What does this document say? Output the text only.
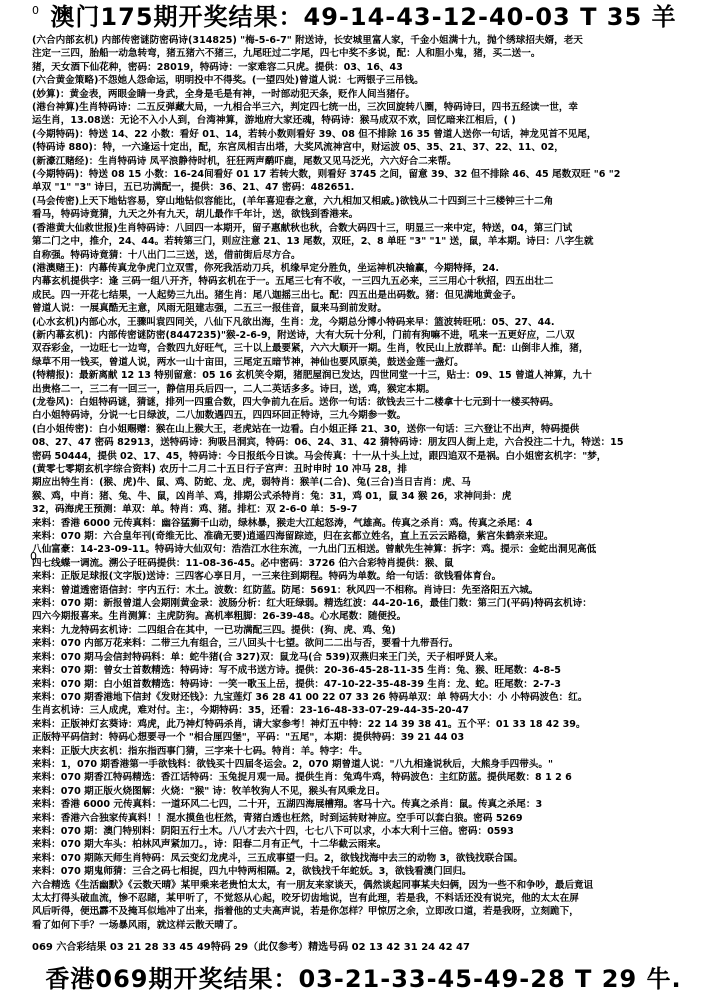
0 澳门175期开奖结果：49-14-43-12-40-03 T 35 羊
(六合内部玄机) 内部传密谜防密码诗(314825) "梅-5-6-7" 附送诗，长安城里富人家，千金小姐满十九，抛个绣球招夫婿，老天
注定一三四，胎船一动急转弯，猪五猪六不猪三，九尾旺过二字尾，四七中奖不多说，配：人和胆小鬼，猪，买二送一。
猪，天女酒下仙花种，密码：28019，特码诗：一家难容二只虎。提供：03、16、43
(六合黄金策略)不怨她人怨命运，明明投中不得奖。(一望四处)曾道人说：七两银子三吊钱。
(妙算)：黄金表，两眼金睛一身武，全身是毛是有神，一时部动犯天条，贬作人间当猪仔。
(港台神算)生肖特码诗：二五反弹藏大局，一九相合半三六，判定四七统一出，三次回旋转八圈，特码诗曰，四书五经读一世，幸
运生肖，13.08送：无论不入小人到，台湾神算，游地府大家还魂，特码诗：猴马成双不欢，回忆暗来江相后，( )
(今期特码)：特送 14、22 小数：看好 01、14，若转小数则看好 39、08 但不排除 16 35 曾道人送你一句话，神龙见首不见尾，
(特码诗 880)：特，一六逢运十定出，配，东宫凤相吉出塔，大奖风流神宫中，财运波 05、35、21、37、22、11、02，
(新濠江赌经)：生肖特码诗 凤平浪静待时机，狂狂两声鹬吓鹿，尾数又见马泛光，六六好合二来帮。
(今期特码)：特送 08 15 小数：16-24间看好 01 17 若转大数，则看好 3745 之间，留意 39、32 但不排除 46、45 尾数双旺 "6 "2
单双 "1" "3" 诗曰，五已功满配一，提供：36、21、47 密码：482651.
(马会传密)上天下地钻容易，穿山地钻似容能比，(羊年喜迎春之意，六九相加又相戚。)欲钱从二十四到三十三楼钟三十二角
看马，特码诗竟猜，九天之外有九天，胡儿最作千年计，送，欲钱到香港来。
(香港黄大仙救世报)生肖特码诗：八回四一本期开，留子惠献秋也秋，合数大码四十三，明显三一来中定，特送，04，第三门试
第二门之中，推介，24、44。若转第三门，则应注意 21、13 尾数，双旺，2、8 单旺 "3" "1" 送，鼠，羊本期。诗曰：八字生就
自称强。特码诗竟猜：十八出门二三送，送，借前街后尽方合。
(港澳赌王)：内幕传真龙争虎门立双雪，你死我活动刀兵，机缘早定分胜负，坐运神机决输赢，今期特择，24.
内幕玄机提供字：逢 三码一组八开齐，特码玄机在于一。五尾三七有不收，一三四九五必来，三三用心十秋招，四五出壮二
成民。四一开花七结果，一人起势三九出。猪生肖：尾八迦摇三出七。配：四五出是出码数。猪：但见满地黄金子。
曾道人说：一展真酷无主意，风雨无阻建志强，二五三一报佳音，鼠来马到前发财。
(心水玄机)内部心水，王骤叫袁四同关，八仙下凡欲出海，生肖：龙，今期总分博小特码来早：篮波转旺吼：05、27、44.
(新内幕玄机)：内部传密谜防密(8447235)"猴-2-6-9，附送诗，大有大玩十分利，门前有狗嘛不进，吼来一五更好应，二八双
双吞彩金，一边旺七一边弯，合数四九好旺气，三十以上最要紧，六六大顺开一期。生肖，牧民山上放群羊。配：山倒非人推，猪，
绿草不用一钱买，曾道人说，两水一山十亩田，三尾定五暗节神，神仙也要风原美，鼓送金莲一盏灯。
(特精报)：最新离献 12 13 特别留意：05 16 玄机笑令期，猪肥屋润已发达，四世同堂一十三，贴士：09、15 曾道人神算，九十
出贵格二一，三二有一回三一，静信用兵后四一，二人二英话多多。诗曰，送，鸡，猴定本期。
(龙卷风)：白姐特码谜，猜谜，排列一四重合数，四大争前九在后。送你一句话：欲钱去三十二楼拿十七元到十一楼买特码。
白小姐特码诗，分说一七日绿波，二八加数遇四五，四四环回正特诗，三九今期参一数。
(白小姐传密)：白小姐赐赠：猴在山上猴大王，老虎站在一边看。白小姐正择 21、30，送你一句话：三六登让不出声，特码提供
08、27、47 密码 82913，送特码诗：狗吸吕洞宾，特码：06、24、31、42 猜特码诗：朋友四人街上走，六合投注二十九，特送：15
密码 50444，提供 02、17、45，特码诗：今日报纸今日读。马会传真：十一从十头上过，跟四追双不是祸。白小姐密玄机字："梦，
(黄零七零期玄机字综合资料) 农历十二月二十五日行子宫声：丑时申时 10 冲马 28，排
期应出特生肖：(猴、虎)牛、鼠、鸡、防蛇、龙、虎，弱特肖：猴羊(二合)、兔(三合)当日吉肖：虎、马
猴、鸡，中肖：猪、兔、牛、鼠，凶肖羊、鸡，排期公式杀特肖：兔：31，鸡 01，鼠 34 猴 26，求神问卦：虎
32，码海虎王预测：单双：单。特肖：鸡、猪。排杠：双 2-6-0 单：5-9-7
来料：香港 6000 元传真料：幽谷猛狮千山动，绿林暴，猴走大江起怒涛，气雄高。传真之杀肖：鸡。传真之杀尾：4
来料：070 期：六合皇年刊(奇维无比、准确无要)逍遥四海留踪迹，归在玄都立姓名，直上五云云路稳，紫宫朱鹤亲来迎。
八仙富豪：14-23-09-11。特码诗大仙双句：浩浩江水往东流，一九出门五相送。曾献先生神算：拆字：鸡。提示：金蛇出洞见高低
四七线蝶一调流。溯公子旺码提供：11-08-36-45。必中密码：3726 伯六合彩特肖提供：猴、鼠
来料：正版足球报(文字版)送诗：三四客心享日月，一三来往到期程。特码为单数。给一句话：欲钱看体育台。
来料：曾道透密语信封：宇内五行：木土。波数：红防蓝。防尾：5691：秋风四一不相称。肖诗曰：先至洛阳五六城。
来料：070 期：新报曾道人会期刚黄金录：波肠分析：红大旺绿弱。精选红波：44-20-16，最佳门数：第三门(平码)特码玄机诗：
四六今期报喜来。生肖测算：主虎防狗。高机率粗脚：26-39-48。心水尾数：随便投。
来料：九龙特码玄机诗：二四组合在其中，一已功满配三四。提供：(狗、虎、鸡、兔)
来料：070 内部万花来料：二带三九有组合，三八回头十七望。欲问二二出与否，要看十九带吾行。
来料：070 期马会信封特码料：单：蛇牛猪(合 327)双：鼠龙马(合 539)双燕归来王门关，天子相呼贤人来。
来料：070 期：曾女士首数精选：特码诗：写不成书送方诗。提供：20-36-45-28-11-35 生肖：兔、猴、旺尾数：4-8-5
来料：070 期：白小姐首数精选：特码诗：一笑一歌玉上岳，提供：47-10-22-35-48-39 生肖：龙、蛇。旺尾数：2-7-3
来料：070 期香港地下信封《发财还钱》：九宝莲灯 36 28 41 00 22 07 33 26 特码单双：单 特码大小：小 小特码波色：红。
生肖玄机诗：三人成虎，难对付。主：，今期特码：35，还看：23-16-48-33-07-29-44-35-20-47
来料：正版神灯玄葵诗：鸡虎，此乃神灯特码杀肖，请大家参考！神灯五中特：22 14 39 38 41。五个平：01 33 18 42 39。
正版特平码信封：特码心想要寻一个 "相合厘四堡"，平码："五尾"，本期：提供特码：39 21 44 03
来料：正版大庆玄机：指东指西事门猜，三字来十七码。特肖：羊。特字：牛。
来料：1，070 期香港第一手欲钱料：欲钱买十四届冬运会。2，070 期曾道人说："八九相逢说秋后，大熊身手四带头。"
来料：070 期香江特码精选：香江话特码：玉兔捉月观一局。提供生肖：兔鸡牛鸡，特码波色：主红防蓝。提供尾数：8 1 2 6
来料：070 期正版火烧图解：火烧："猴" 诗：牧羊牧狗人不见，猴头有风乘龙日。
来料：香港 6000 元传真料：一道环风二七四，二十开，五湖四海展槽翔。客马十六。传真之杀肖：鼠。传真之杀尾：3
来料：香港六合独家传真料！！混水摸鱼也枉然，青猪白透也枉然，时到运转财神应。空手可以套白狼。密码 5269
来料：070 期：澳门特别料：阴阳五行土木。八八才去六十四，七七八下可以求，小本大利十三倍。密码：0593
来料：070 期大车头：柏林风声紧加刀。，诗：阳春二月有正气，十二华截云雨来。
来料：070 期陈天师生肖特码：凤云变幻龙虎斗，三五成事望一归。2，欲钱找海中去三的动物 3，欲钱找联合国。
来料：070 期鬼师猜：三合之码七相捉，四九中特两相隔。2，欲钱找千年蛇妖。3，欲钱看澳门回归。
六合精选《生活幽默》《云数天晴》某甲乘来老贵怕太太，有一朋友来家谈天，偶然谈起同事某夫妇俩，因为一些不和争吵，最后竟诅
太太打得头破血流，惨不忍睹，某甲听了，不觉怒从心起，咬牙切齿地说，岂有此理，若是我，不料话还没有说完，他的太太在屏
风后听得，便迅霹不及掩耳似地冲了出来，指着他的丈夫高声说，若是你怎样？甲惊厉之余，立即改口道，若是我呀，立刻跪下，
看了如何下手？一场暴风雨，就这样云散天晴了。
0
069 六合彩结果 03 21 28 33 45 49特码 29（此仅参考）精选号码 02 13 42 31 24 42 47
香港069期开奖结果：03-21-33-45-49-28 T 29 牛.
